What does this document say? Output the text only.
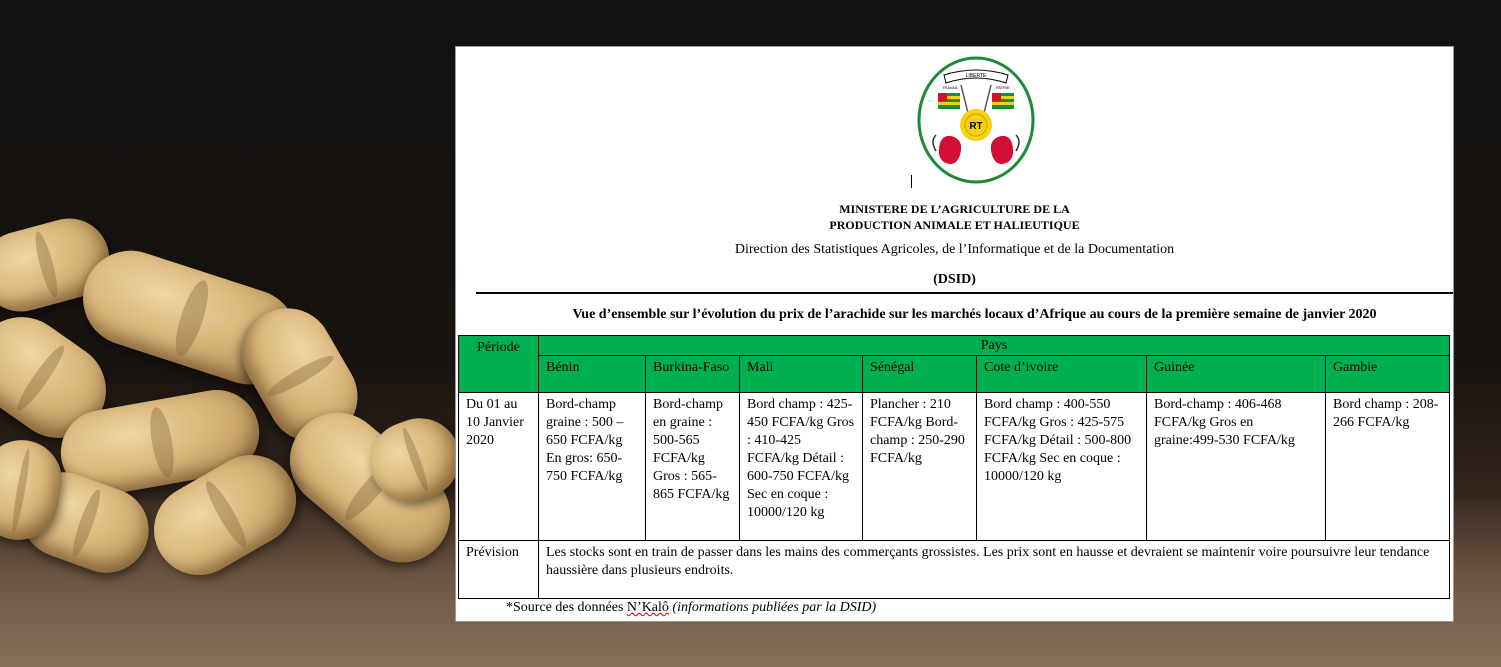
LIBERTE
TRAVAIL	PATRIE
RT
MINISTERE DE L’AGRICULTURE DE LA
PRODUCTION ANIMALE ET HALIEUTIQUE
Direction des Statistiques Agricoles, de l’Informatique et de la Documentation
(DSID)
Vue d’ensemble sur l’évolution du prix de l’arachide sur les marchés locaux d’Afrique au cours de la première semaine de janvier 2020
Période	Pays						
	Bénin	Burkina-Faso	Mali	Sénégal	Cote d’ivoire	Guinée	Gambie
Du 01 au 10 Janvier 2020	Bord-champ graine : 500 – 650 FCFA/kg En gros: 650-750 FCFA/kg	Bord-champ en graine : 500-565 FCFA/kg Gros : 565-865 FCFA/kg	Bord champ : 425-450 FCFA/kg Gros : 410-425 FCFA/kg Détail : 600-750 FCFA/kg Sec en coque : 10000/120 kg	Plancher : 210 FCFA/kg Bord-champ : 250-290 FCFA/kg	Bord champ : 400-550 FCFA/kg Gros : 425-575 FCFA/kg Détail : 500-800 FCFA/kg Sec en coque : 10000/120 kg	Bord-champ : 406-468 FCFA/kg Gros en graine:499-530 FCFA/kg	Bord champ : 208-266 FCFA/kg
Prévision	Les stocks sont en train de passer dans les mains des commerçants grossistes. Les prix sont en hausse et devraient se maintenir voire poursuivre leur tendance haussière dans plusieurs endroits.						
*Source des données N’Kalô (informations publiées par la DSID)
